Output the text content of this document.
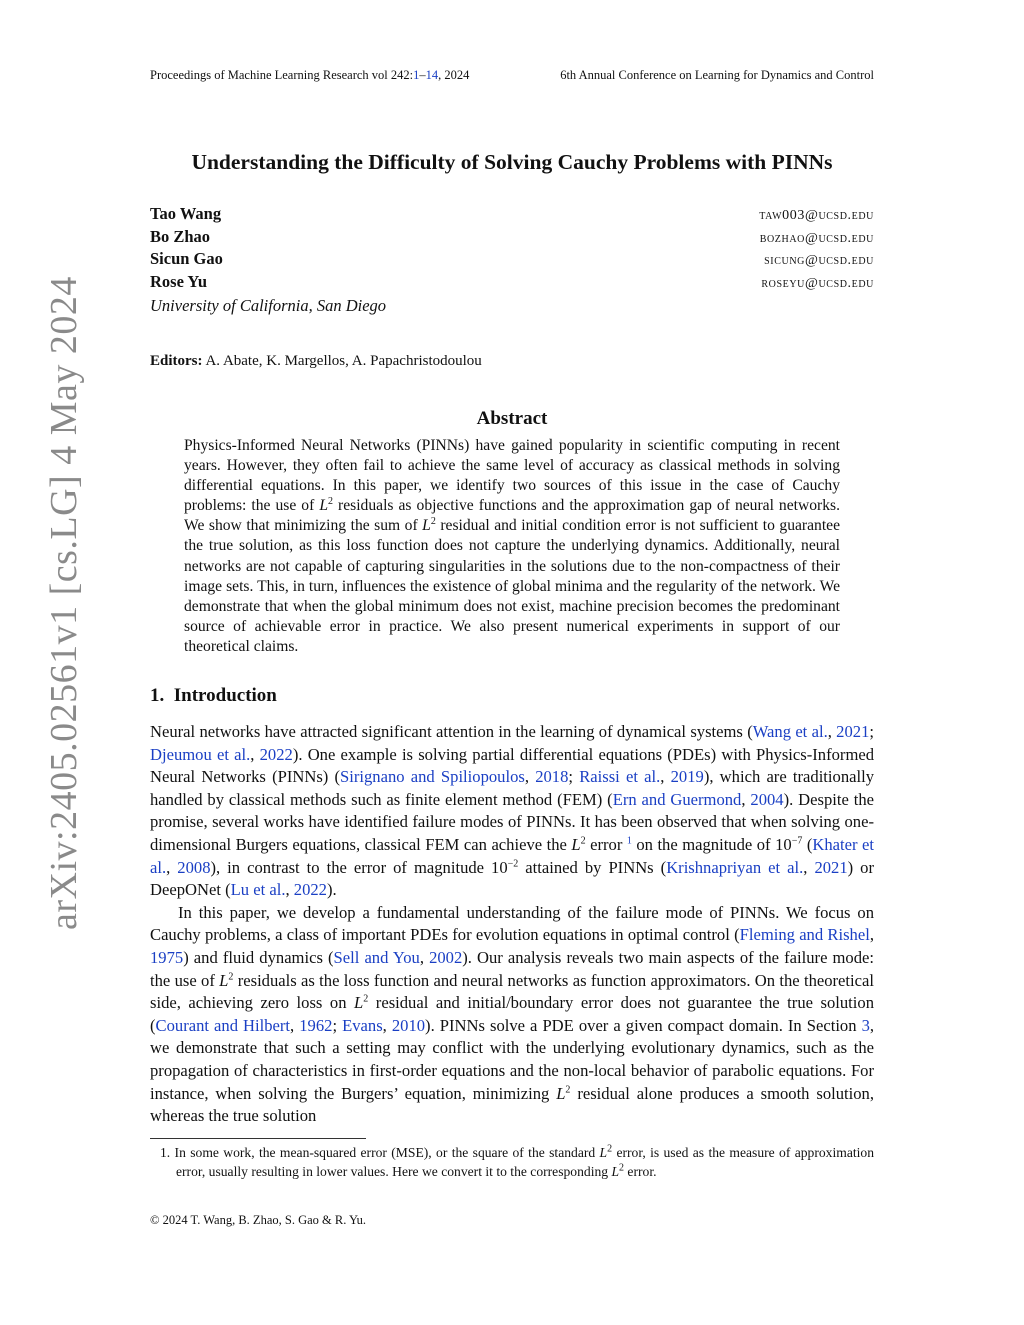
Proceedings of Machine Learning Research vol 242:1–14, 2024	6th Annual Conference on Learning for Dynamics and Control
arXiv:2405.02561v1 [cs.LG] 4 May 2024
Understanding the Difficulty of Solving Cauchy Problems with PINNs
Tao Wang	taw003@ucsd.edu
Bo Zhao	bozhao@ucsd.edu
Sicun Gao	sicung@ucsd.edu
Rose Yu	roseyu@ucsd.edu
University of California, San Diego
Editors: A. Abate, K. Margellos, A. Papachristodoulou
Abstract
Physics-Informed Neural Networks (PINNs) have gained popularity in scientific computing in recent years. However, they often fail to achieve the same level of accuracy as classical methods in solving differential equations. In this paper, we identify two sources of this issue in the case of Cauchy problems: the use of $L^2$ residuals as objective functions and the approximation gap of neural networks. We show that minimizing the sum of $L^2$ residual and initial condition error is not sufficient to guarantee the true solution, as this loss function does not capture the underlying dynamics. Additionally, neural networks are not capable of capturing singularities in the solutions due to the non-compactness of their image sets. This, in turn, influences the existence of global minima and the regularity of the network. We demonstrate that when the global minimum does not exist, machine precision becomes the predominant source of achievable error in practice. We also present numerical experiments in support of our theoretical claims.
1. Introduction

Neural networks have attracted significant attention in the learning of dynamical systems (Wang et al., 2021; Djeumou et al., 2022). One example is solving partial differential equations (PDEs) with Physics-Informed Neural Networks (PINNs) (Sirignano and Spiliopoulos, 2018; Raissi et al., 2019), which are traditionally handled by classical methods such as finite element method (FEM) (Ern and Guermond, 2004). Despite the promise, several works have identified failure modes of PINNs. It has been observed that when solving one-dimensional Burgers equations, classical FEM can achieve the $L^2$ error $^1$ on the magnitude of $10^{-7}$ (Khater et al., 2008), in contrast to the error of magnitude $10^{-2}$ attained by PINNs (Krishnapriyan et al., 2021) or DeepONet (Lu et al., 2022).

In this paper, we develop a fundamental understanding of the failure mode of PINNs. We focus on Cauchy problems, a class of important PDEs for evolution equations in optimal control (Fleming and Rishel, 1975) and fluid dynamics (Sell and You, 2002). Our analysis reveals two main aspects of the failure mode: the use of $L^2$ residuals as the loss function and neural networks as function approximators. On the theoretical side, achieving zero loss on $L^2$ residual and initial/boundary error does not guarantee the true solution (Courant and Hilbert, 1962; Evans, 2010). PINNs solve a PDE over a given compact domain. In Section 3, we demonstrate that such a setting may conflict with the underlying evolutionary dynamics, such as the propagation of characteristics in first-order equations and the non-local behavior of parabolic equations. For instance, when solving the Burgers’ equation, minimizing $L^2$ residual alone produces a smooth solution, whereas the true solution

1. In some work, the mean-squared error (MSE), or the square of the standard $L^2$ error, is used as the measure of approximation error, usually resulting in lower values. Here we convert it to the corresponding $L^2$ error.
© 2024 T. Wang, B. Zhao, S. Gao & R. Yu.
